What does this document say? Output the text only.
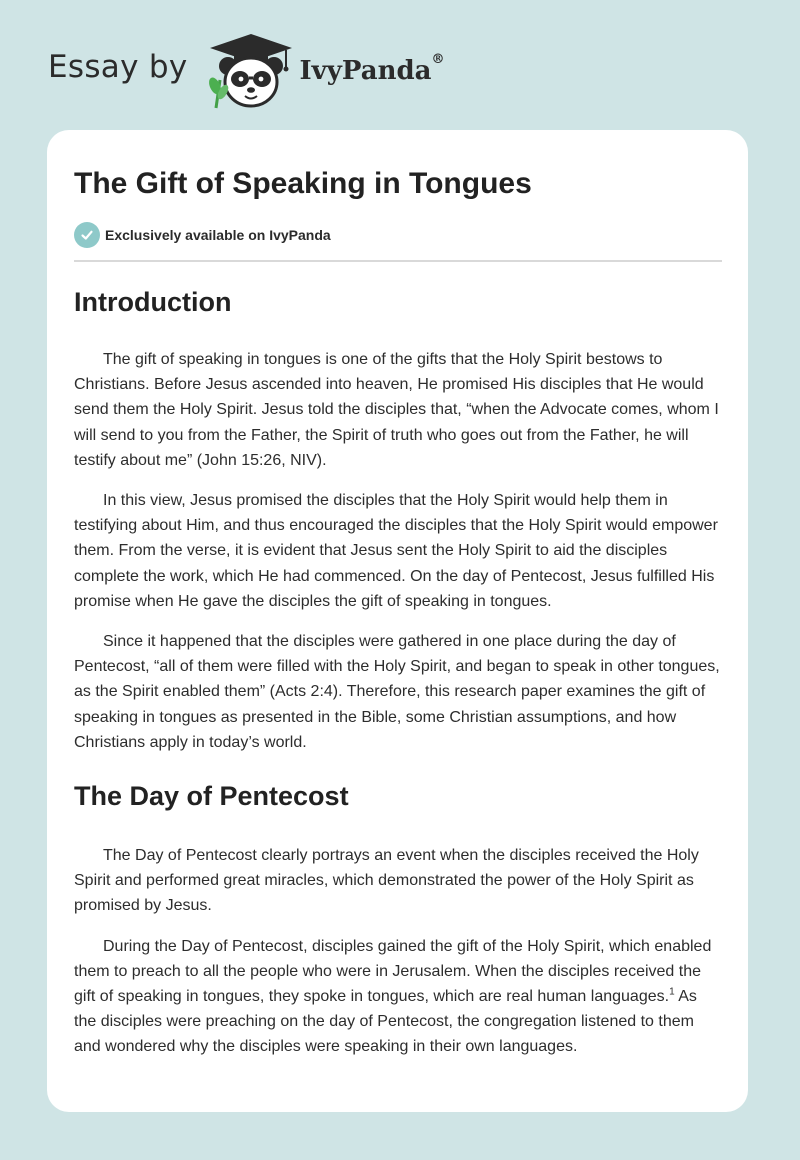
Essay by	IvyPanda®
The Gift of Speaking in Tongues
Exclusively available on IvyPanda
Introduction

The gift of speaking in tongues is one of the gifts that the Holy Spirit bestows to Christians. Before Jesus ascended into heaven, He promised His disciples that He would send them the Holy Spirit. Jesus told the disciples that, “when the Advocate comes, whom I will send to you from the Father, the Spirit of truth who goes out from the Father, he will testify about me” (John 15:26, NIV).

In this view, Jesus promised the disciples that the Holy Spirit would help them in testifying about Him, and thus encouraged the disciples that the Holy Spirit would empower them. From the verse, it is evident that Jesus sent the Holy Spirit to aid the disciples complete the work, which He had commenced. On the day of Pentecost, Jesus fulfilled His promise when He gave the disciples the gift of speaking in tongues.

Since it happened that the disciples were gathered in one place during the day of Pentecost, “all of them were filled with the Holy Spirit, and began to speak in other tongues, as the Spirit enabled them” (Acts 2:4). Therefore, this research paper examines the gift of speaking in tongues as presented in the Bible, some Christian assumptions, and how Christians apply in today’s world.

The Day of Pentecost

The Day of Pentecost clearly portrays an event when the disciples received the Holy Spirit and performed great miracles, which demonstrated the power of the Holy Spirit as promised by Jesus.

During the Day of Pentecost, disciples gained the gift of the Holy Spirit, which enabled them to preach to all the people who were in Jerusalem. When the disciples received the gift of speaking in tongues, they spoke in tongues, which are real human languages.$^1$ As the disciples were preaching on the day of Pentecost, the congregation listened to them and wondered why the disciples were speaking in their own languages.
